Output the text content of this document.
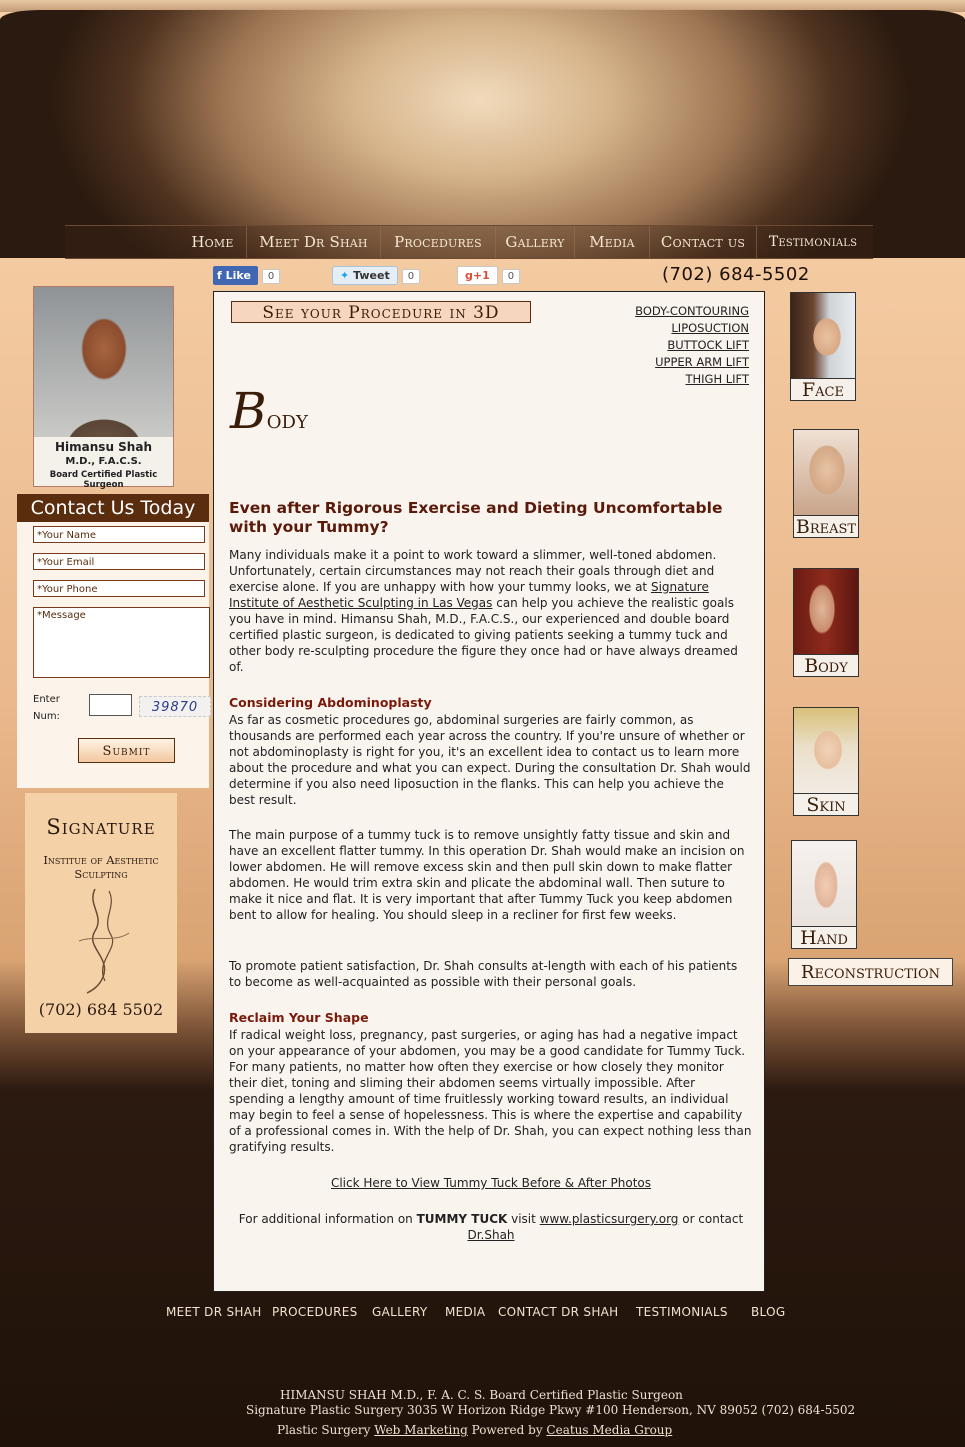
Home	Meet Dr Shah	Procedures	Gallery	Media	Contact us	Testimonials
f Like 0	✦ Tweet 0	g+1 0	(702) 684-5502
Himansu Shah
M.D., F.A.C.S.
Board Certified Plastic Surgeon
Contact Us Today
*Your Name
*Your Email
*Your Phone
*Message
Enter Num:
39870
Submit
Signature
Institue of Aesthetic Sculpting
(702) 684 5502
See your Procedure in 3D	BODY-CONTOURING
LIPOSUCTION
BUTTOCK LIFT
UPPER ARM LIFT
THIGH LIFT
Body
Even after Rigorous Exercise and Dieting Uncomfortable with your Tummy?
Many individuals make it a point to work toward a slimmer, well-toned abdomen. Unfortunately, certain circumstances may not reach their goals through diet and exercise alone. If you are unhappy with how your tummy looks, we at Signature Institute of Aesthetic Sculpting in Las Vegas can help you achieve the realistic goals you have in mind. Himansu Shah, M.D., F.A.C.S., our experienced and double board certified plastic surgeon, is dedicated to giving patients seeking a tummy tuck and other body re-sculpting procedure the figure they once had or have always dreamed of.
Considering Abdominoplasty
As far as cosmetic procedures go, abdominal surgeries are fairly common, as thousands are performed each year across the country. If you're unsure of whether or not abdominoplasty is right for you, it's an excellent idea to contact us to learn more about the procedure and what you can expect. During the consultation Dr. Shah would determine if you also need liposuction in the flanks. This can help you achieve the best result.
The main purpose of a tummy tuck is to remove unsightly fatty tissue and skin and have an excellent flatter tummy. In this operation Dr. Shah would make an incision on lower abdomen. He will remove excess skin and then pull skin down to make flatter abdomen. He would trim extra skin and plicate the abdominal wall. Then suture to make it nice and flat. It is very important that after Tummy Tuck you keep abdomen bent to allow for healing. You should sleep in a recliner for first few weeks.
To promote patient satisfaction, Dr. Shah consults at-length with each of his patients to become as well-acquainted as possible with their personal goals.
Reclaim Your Shape
If radical weight loss, pregnancy, past surgeries, or aging has had a negative impact on your appearance of your abdomen, you may be a good candidate for Tummy Tuck. For many patients, no matter how often they exercise or how closely they monitor their diet, toning and sliming their abdomen seems virtually impossible. After spending a lengthy amount of time fruitlessly working toward results, an individual may begin to feel a sense of hopelessness. This is where the expertise and capability of a professional comes in. With the help of Dr. Shah, you can expect nothing less than gratifying results.
Click Here to View Tummy Tuck Before & After Photos
For additional information on TUMMY TUCK visit www.plasticsurgery.org or contact Dr.Shah
Face
Breast
Body
Skin
Hand
Reconstruction
MEET DR SHAH PROCEDURES GALLERY MEDIA CONTACT DR SHAH TESTIMONIALS BLOG
HIMANSU SHAH M.D., F. A. C. S. Board Certified Plastic Surgeon
Signature Plastic Surgery 3035 W Horizon Ridge Pkwy #100 Henderson, NV 89052 (702) 684-5502
Plastic Surgery Web Marketing Powered by Ceatus Media Group
